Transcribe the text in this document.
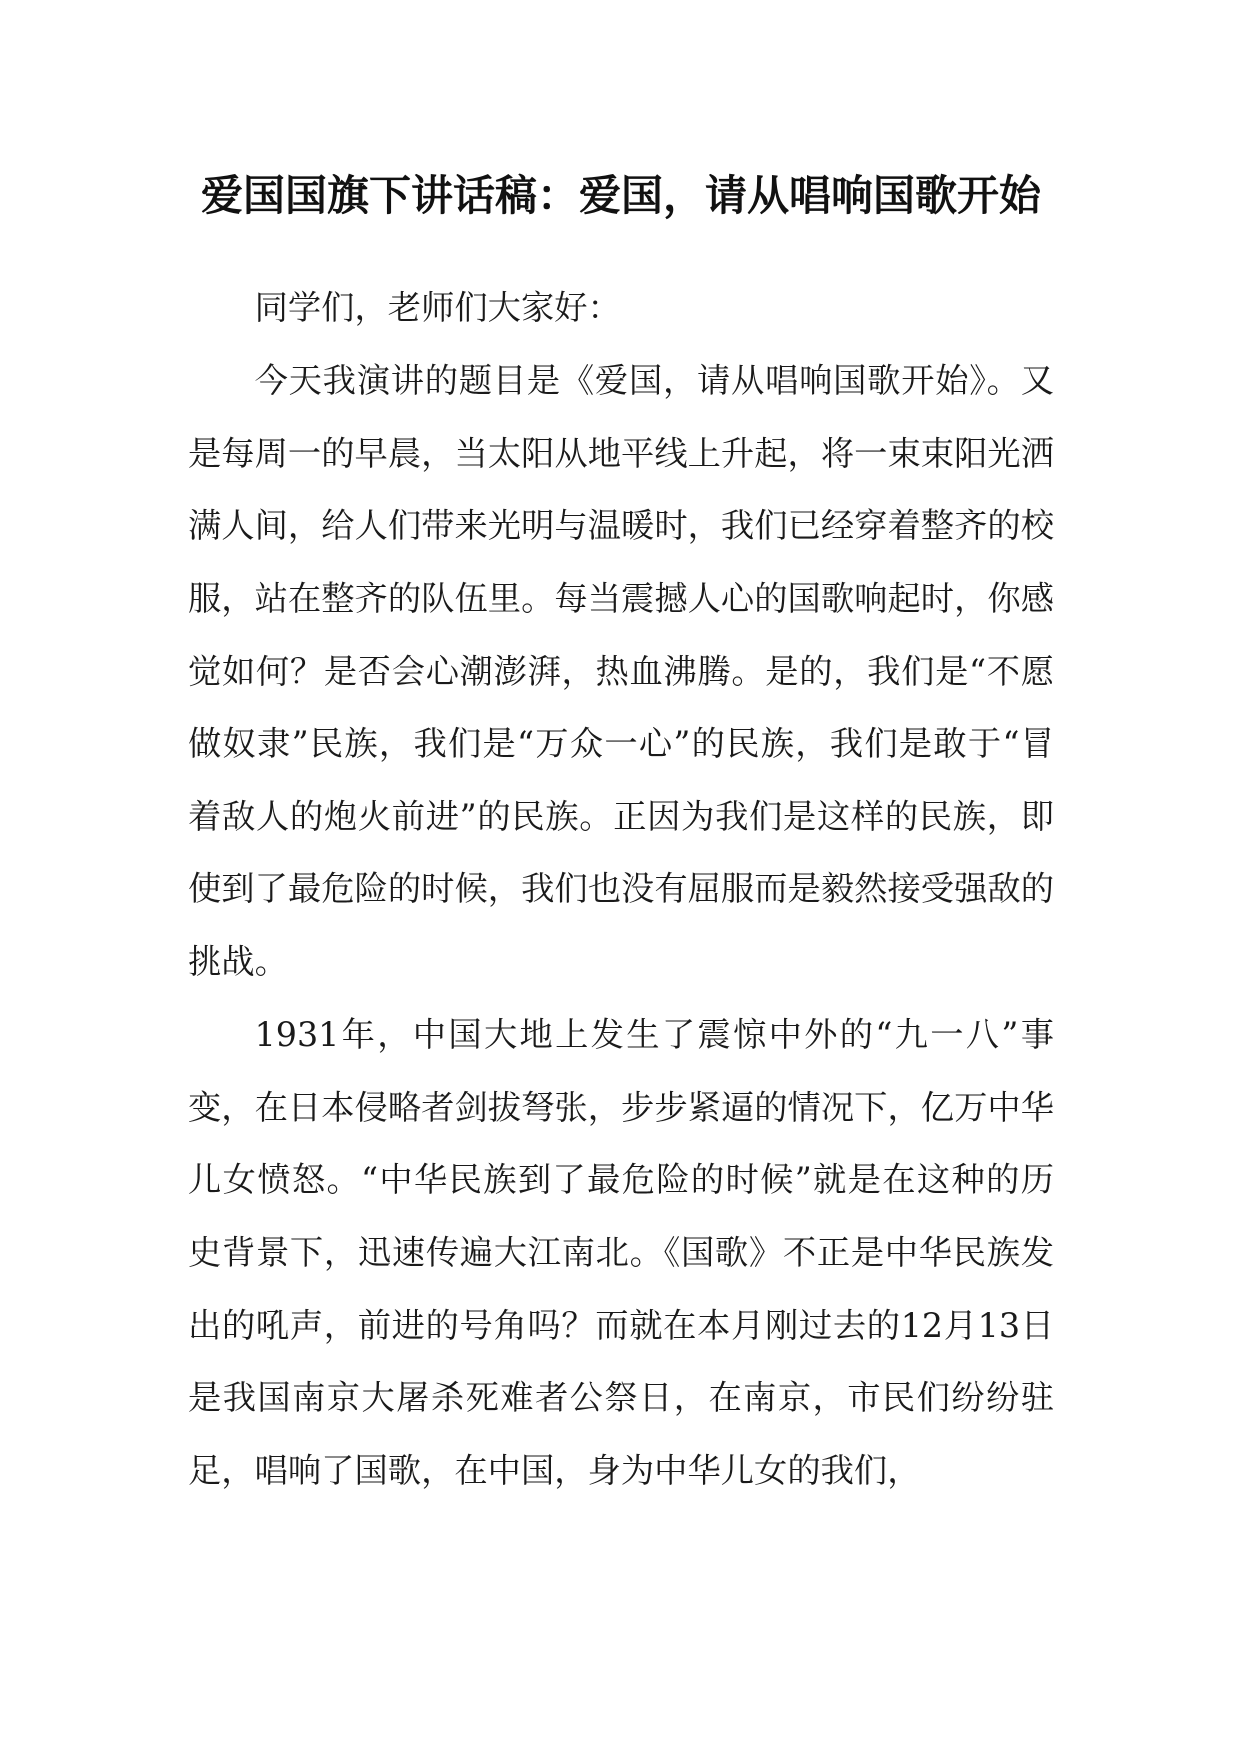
爱国国旗下讲话稿：爱国，请从唱响国歌开始

同学们，老师们大家好：

今天我演讲的题目是《爱国，请从唱响国歌开始》。又是每周一的早晨，当太阳从地平线上升起，将一束束阳光洒满人间，给人们带来光明与温暖时，我们已经穿着整齐的校服，站在整齐的队伍里。每当震撼人心的国歌响起时，你感觉如何？是否会心潮澎湃，热血沸腾。是的，我们是“不愿做奴隶”民族，我们是“万众一心”的民族，我们是敢于“冒着敌人的炮火前进”的民族。正因为我们是这样的民族，即使到了最危险的时候，我们也没有屈服而是毅然接受强敌的挑战。

1931年，中国大地上发生了震惊中外的“九一八”事变，在日本侵略者剑拔弩张，步步紧逼的情况下，亿万中华儿女愤怒。“中华民族到了最危险的时候”就是在这种的历史背景下，迅速传遍大江南北。《国歌》不正是中华民族发出的吼声，前进的号角吗？而就在本月刚过去的12月13日是我国南京大屠杀死难者公祭日，在南京，市民们纷纷驻足，唱响了国歌，在中国，身为中华儿女的我们，
